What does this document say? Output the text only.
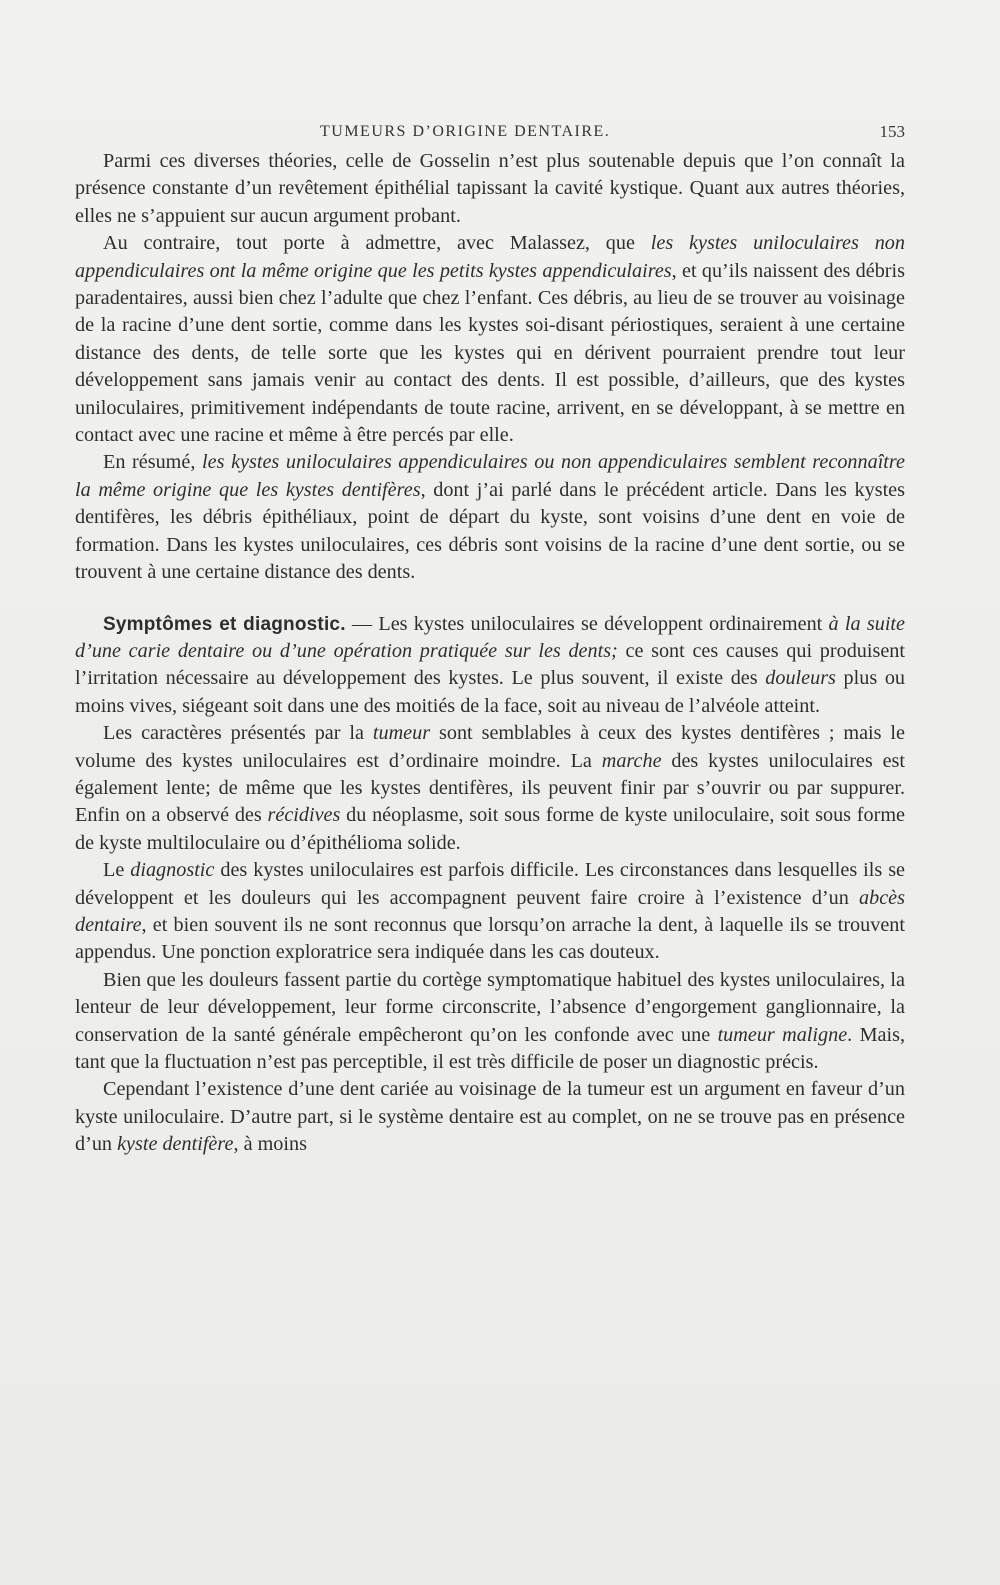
TUMEURS D’ORIGINE DENTAIRE.	153

Parmi ces diverses théories, celle de Gosselin n’est plus soutenable depuis que l’on connaît la présence constante d’un revêtement épithélial tapissant la cavité kystique. Quant aux autres théories, elles ne s’appuient sur aucun argument probant.

Au contraire, tout porte à admettre, avec Malassez, que les kystes uniloculaires non appendiculaires ont la même origine que les petits kystes appendiculaires, et qu’ils naissent des débris paradentaires, aussi bien chez l’adulte que chez l’enfant. Ces débris, au lieu de se trouver au voisinage de la racine d’une dent sortie, comme dans les kystes soi-disant périostiques, seraient à une certaine distance des dents, de telle sorte que les kystes qui en dérivent pourraient prendre tout leur développement sans jamais venir au contact des dents. Il est possible, d’ailleurs, que des kystes uniloculaires, primitivement indépendants de toute racine, arrivent, en se développant, à se mettre en contact avec une racine et même à être percés par elle.

En résumé, les kystes uniloculaires appendiculaires ou non appendiculaires semblent reconnaître la même origine que les kystes dentifères, dont j’ai parlé dans le précédent article. Dans les kystes dentifères, les débris épithéliaux, point de départ du kyste, sont voisins d’une dent en voie de formation. Dans les kystes uniloculaires, ces débris sont voisins de la racine d’une dent sortie, ou se trouvent à une certaine distance des dents.

Symptômes et diagnostic. — Les kystes uniloculaires se développent ordinairement à la suite d’une carie dentaire ou d’une opération pratiquée sur les dents; ce sont ces causes qui produisent l’irritation nécessaire au développement des kystes. Le plus souvent, il existe des douleurs plus ou moins vives, siégeant soit dans une des moitiés de la face, soit au niveau de l’alvéole atteint.

Les caractères présentés par la tumeur sont semblables à ceux des kystes dentifères ; mais le volume des kystes uniloculaires est d’ordinaire moindre. La marche des kystes uniloculaires est également lente; de même que les kystes dentifères, ils peuvent finir par s’ouvrir ou par suppurer. Enfin on a observé des récidives du néoplasme, soit sous forme de kyste uniloculaire, soit sous forme de kyste multiloculaire ou d’épithélioma solide.

Le diagnostic des kystes uniloculaires est parfois difficile. Les circonstances dans lesquelles ils se développent et les douleurs qui les accompagnent peuvent faire croire à l’existence d’un abcès dentaire, et bien souvent ils ne sont reconnus que lorsqu’on arrache la dent, à laquelle ils se trouvent appendus. Une ponction exploratrice sera indiquée dans les cas douteux.

Bien que les douleurs fassent partie du cortège symptomatique habituel des kystes uniloculaires, la lenteur de leur développement, leur forme circonscrite, l’absence d’engorgement ganglionnaire, la conservation de la santé générale empêcheront qu’on les confonde avec une tumeur maligne. Mais, tant que la fluctuation n’est pas perceptible, il est très difficile de poser un diagnostic précis.

Cependant l’existence d’une dent cariée au voisinage de la tumeur est un argument en faveur d’un kyste uniloculaire. D’autre part, si le système dentaire est au complet, on ne se trouve pas en présence d’un kyste dentifère, à moins
